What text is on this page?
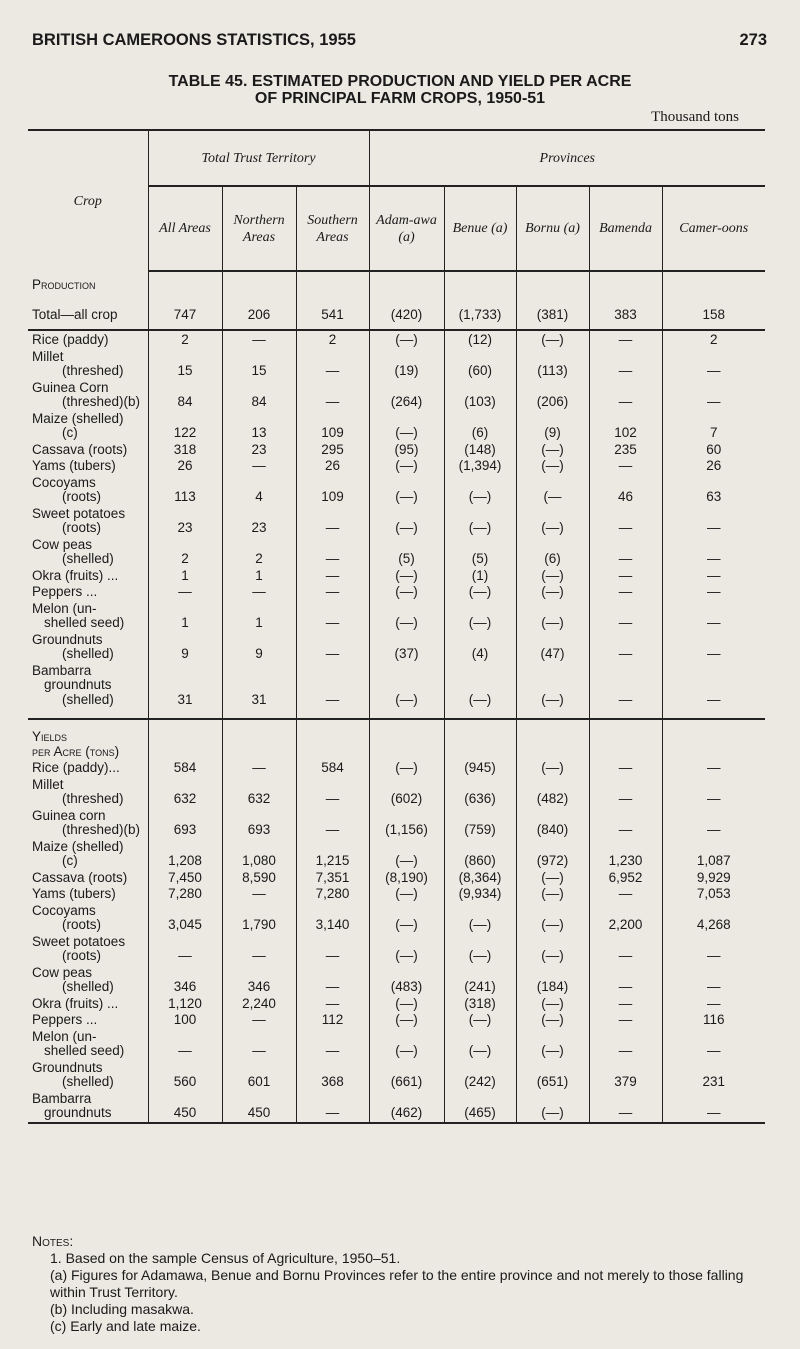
BRITISH CAMEROONS STATISTICS, 1955	273
TABLE 45. ESTIMATED PRODUCTION AND YIELD PER ACRE
OF PRINCIPAL FARM CROPS, 1950-51
Thousand tons
Crop	Total Trust Territory			Provinces				
	All Areas	Northern Areas	Southern Areas	Adam-awa (a)	Benue (a)	Bornu (a)	Bamenda	Camer-oons

Production								

Total—all crop	747	206	541	(420)	(1,733)	(381)	383	158

Rice (paddy)	2	—	2	(—)	(12)	(—)	—	2

Millet
(threshed)	15	15	—	(19)	(60)	(113)	—	—

Guinea Corn
(threshed)(b)	84	84	—	(264)	(103)	(206)	—	—

Maize (shelled)
(c)	122	13	109	(—)	(6)	(9)	102	7

Cassava (roots)	318	23	295	(95)	(148)	(—)	235	60

Yams (tubers)	26	—	26	(—)	(1,394)	(—)	—	26

Cocoyams
(roots)	113	4	109	(—)	(—)	(—	46	63

Sweet potatoes
(roots)	23	23	—	(—)	(—)	(—)	—	—

Cow peas
(shelled)	2	2	—	(5)	(5)	(6)	—	—

Okra (fruits) ...	1	1	—	(—)	(1)	(—)	—	—

Peppers ...	—	—	—	(—)	(—)	(—)	—	—

Melon (un-
shelled seed)	1	1	—	(—)	(—)	(—)	—	—

Groundnuts
(shelled)	9	9	—	(37)	(4)	(47)	—	—

Bambarra
groundnuts
(shelled)	31	31	—	(—)	(—)	(—)	—	—

Yields
per Acre (tons)								

Rice (paddy)...	584	—	584	(—)	(945)	(—)	—	—

Millet
(threshed)	632	632	—	(602)	(636)	(482)	—	—

Guinea corn
(threshed)(b)	693	693	—	(1,156)	(759)	(840)	—	—

Maize (shelled)
(c)	1,208	1,080	1,215	(—)	(860)	(972)	1,230	1,087

Cassava (roots)	7,450	8,590	7,351	(8,190)	(8,364)	(—)	6,952	9,929

Yams (tubers)	7,280	—	7,280	(—)	(9,934)	(—)	—	7,053

Cocoyams
(roots)	3,045	1,790	3,140	(—)	(—)	(—)	2,200	4,268

Sweet potatoes
(roots)	—	—	—	(—)	(—)	(—)	—	—

Cow peas
(shelled)	346	346	—	(483)	(241)	(184)	—	—

Okra (fruits) ...	1,120	2,240	—	(—)	(318)	(—)	—	—

Peppers ...	100	—	112	(—)	(—)	(—)	—	116

Melon (un-
shelled seed)	—	—	—	(—)	(—)	(—)	—	—

Groundnuts
(shelled)	560	601	368	(661)	(242)	(651)	379	231

Bambarra
groundnuts	450	450	—	(462)	(465)	(—)	—	—
Notes:
1. Based on the sample Census of Agriculture, 1950–51.
(a) Figures for Adamawa, Benue and Bornu Provinces refer to the entire province and not merely to those falling within Trust Territory.
(b) Including masakwa.
(c) Early and late maize.
